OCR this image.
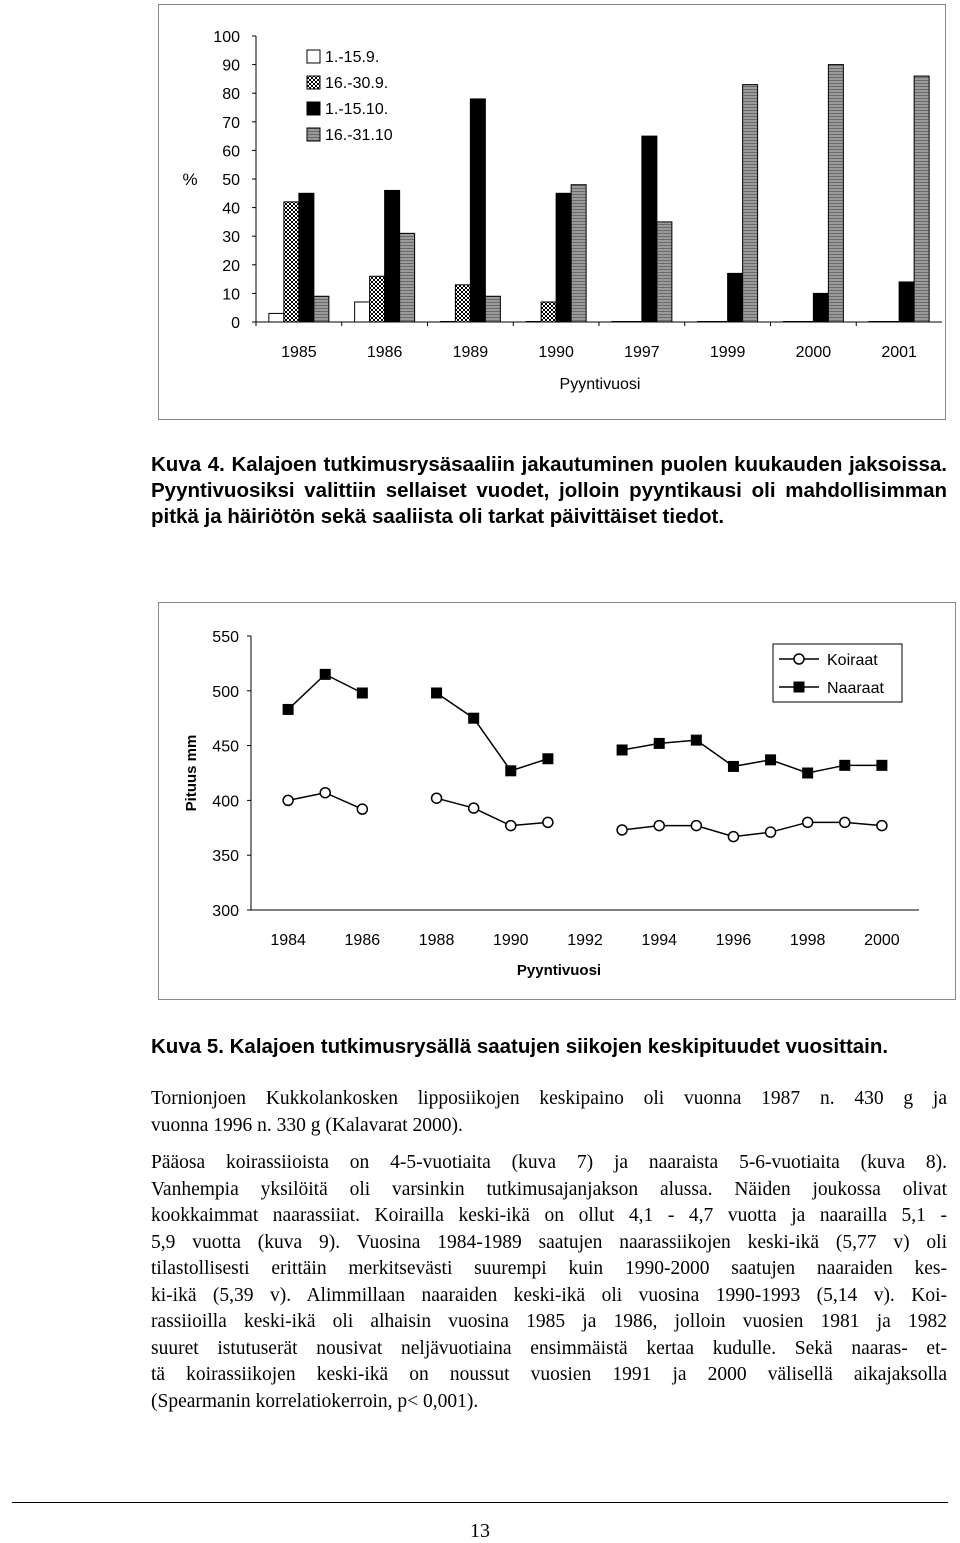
100
90
80
70
60
50
40
30
20
10
0
%
1985	1986	1989	1990	1997	1999	2000	2001
Pyyntivuosi
1.-15.9.
16.-30.9.
1.-15.10.
16.-31.10
Kuva 4. Kalajoen tutkimusrysäsaaliin jakautuminen puolen kuukauden jaksoissa. Pyyntivuosiksi valittiin sellaiset vuodet, jolloin pyyntikausi oli mahdollisimman pitkä ja häiriötön sekä saaliista oli tarkat päivittäiset tiedot.
550
500
450
400
350
300
1984 1986 1988 1990 1992 1994 1996 1998 2000
Pyyntivuosi
Pituus mm
Koiraat
Naaraat
Kuva 5. Kalajoen tutkimusrysällä saatujen siikojen keskipituudet vuosittain.
Tornionjoen Kukkolankosken lipposiikojen keskipaino oli vuonna 1987 n. 430 g ja
vuonna 1996 n. 330 g (Kalavarat 2000).
Pääosa koirassiioista on 4-5-vuotiaita (kuva 7) ja naaraista 5-6-vuotiaita (kuva 8).
Vanhempia yksilöitä oli varsinkin tutkimusajanjakson alussa. Näiden joukossa olivat
kookkaimmat naarassiiat. Koirailla keski-ikä on ollut 4,1 - 4,7 vuotta ja naarailla 5,1 -
5,9 vuotta (kuva 9). Vuosina 1984-1989 saatujen naarassiikojen keski-ikä (5,77 v) oli
tilastollisesti erittäin merkitsevästi suurempi kuin 1990-2000 saatujen naaraiden kes-
ki-ikä (5,39 v). Alimmillaan naaraiden keski-ikä oli vuosina 1990-1993 (5,14 v). Koi-
rassiioilla keski-ikä oli alhaisin vuosina 1985 ja 1986, jolloin vuosien 1981 ja 1982
suuret istutuserät nousivat neljävuotiaina ensimmäistä kertaa kudulle. Sekä naaras- et-
tä koirassiikojen keski-ikä on noussut vuosien 1991 ja 2000 välisellä aikajaksolla
(Spearmanin korrelatiokerroin, p< 0,001).
13
